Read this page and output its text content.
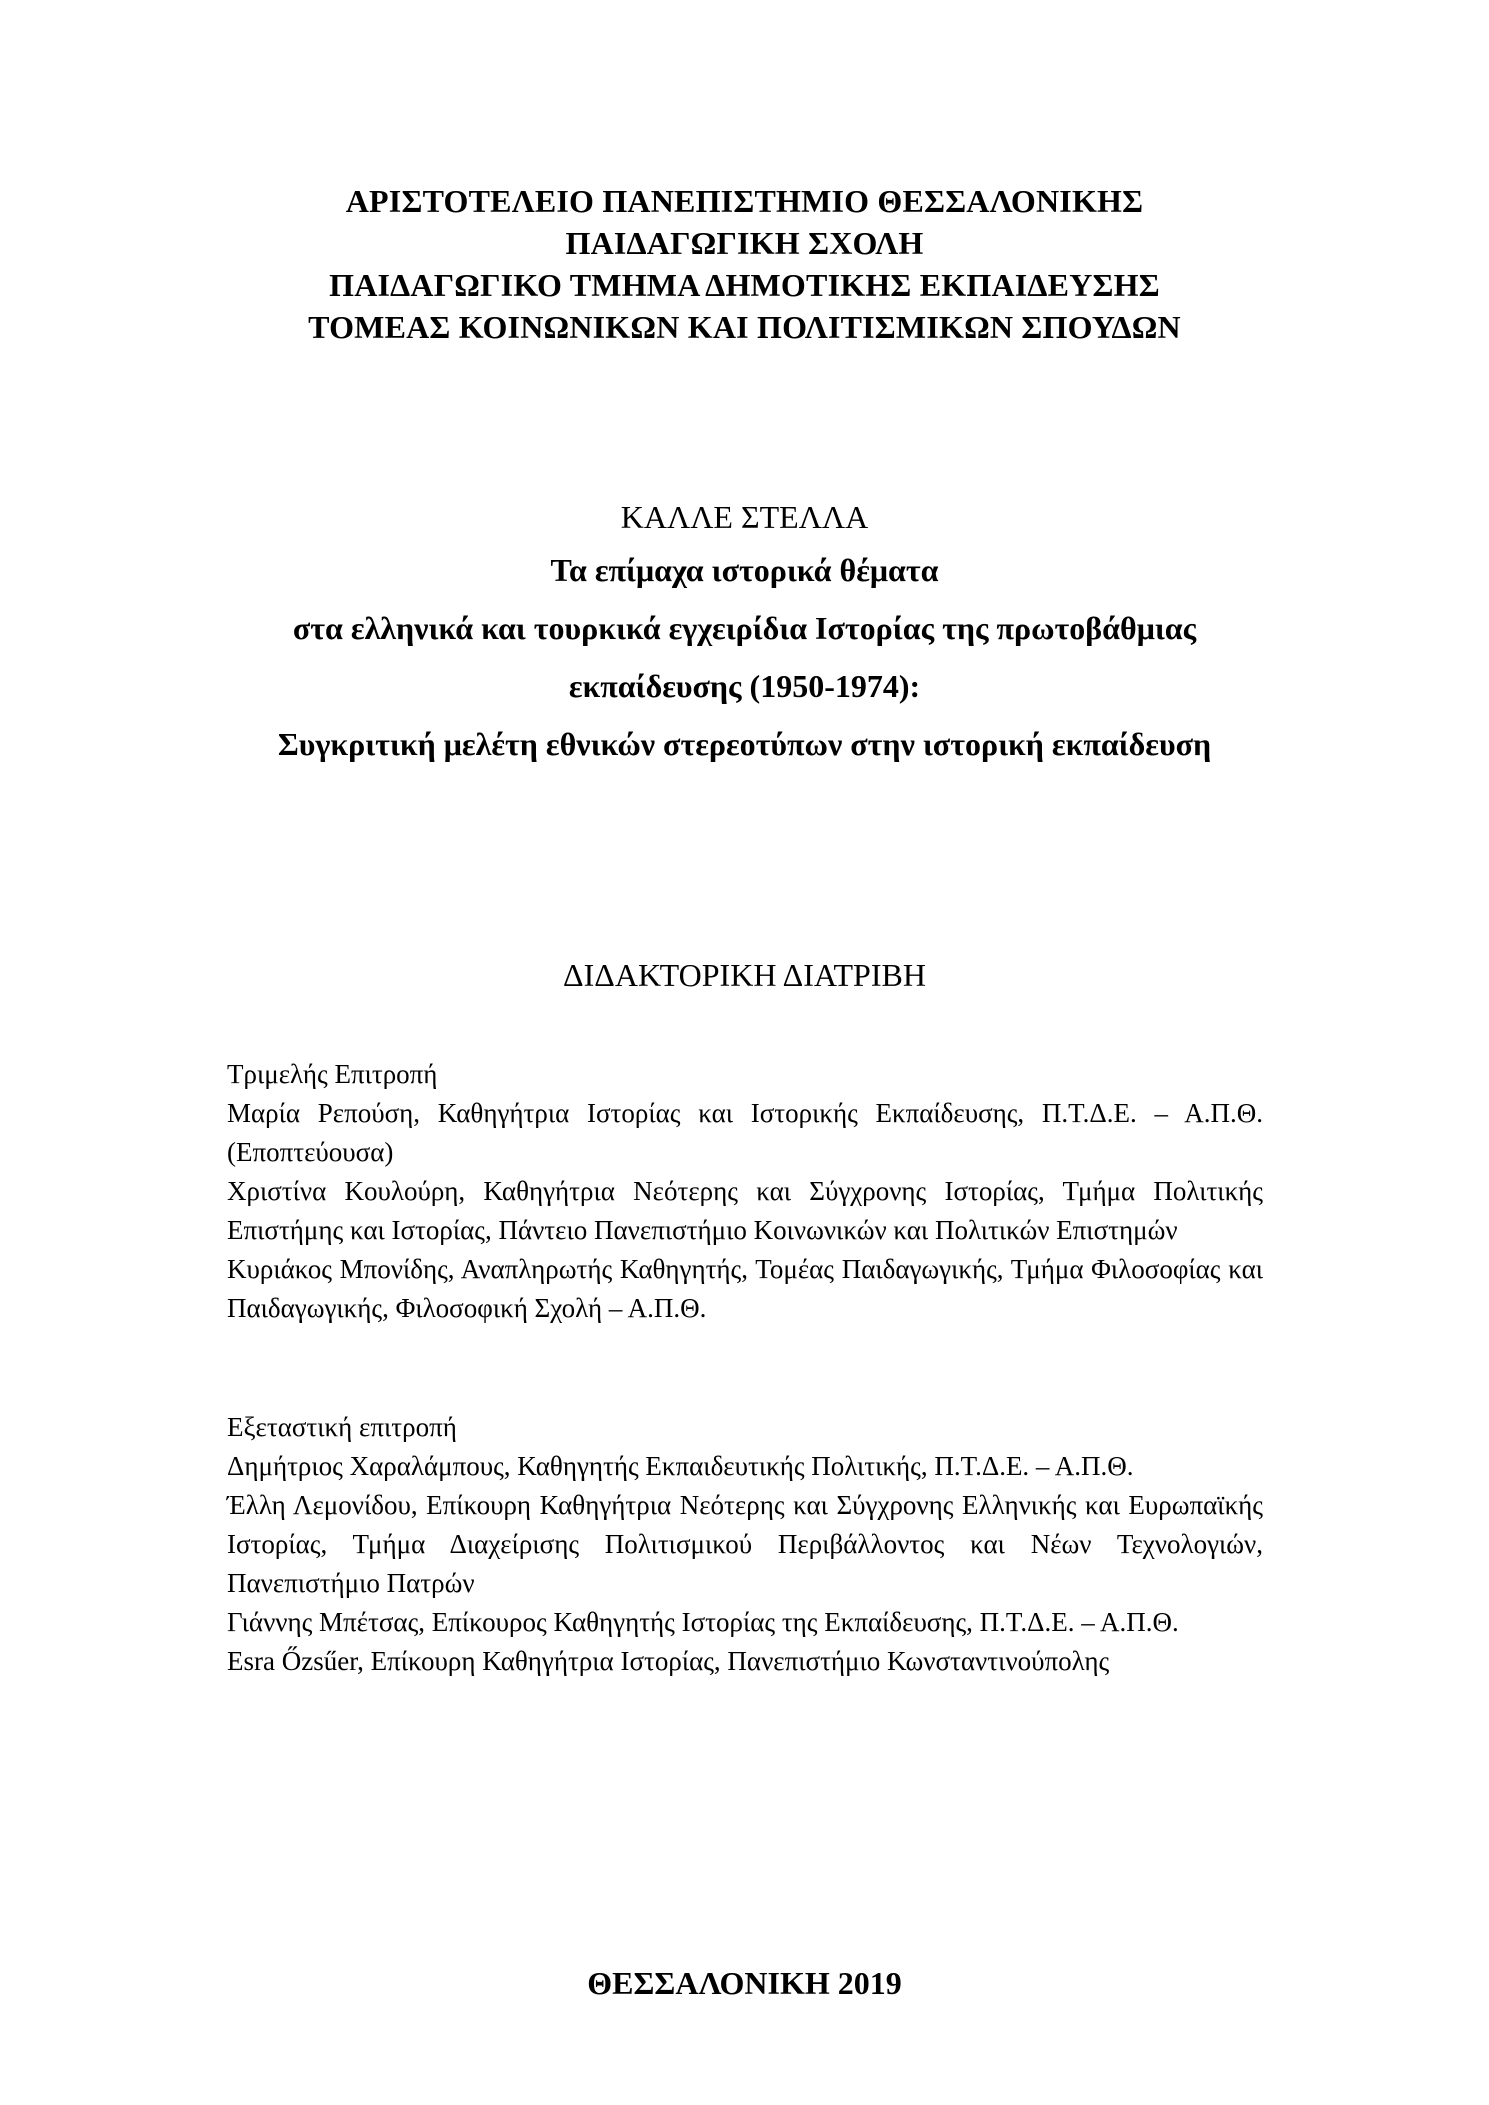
ΑΡΙΣΤΟΤΕΛΕΙΟ ΠΑΝΕΠΙΣΤΗΜΙΟ ΘΕΣΣΑΛΟΝΙΚΗΣ
ΠΑΙΔΑΓΩΓΙΚΗ ΣΧΟΛΗ
ΠΑΙΔΑΓΩΓΙΚΟ ΤΜΗΜΑ ΔΗΜΟΤΙΚΗΣ ΕΚΠΑΙΔΕΥΣΗΣ
ΤΟΜΕΑΣ ΚΟΙΝΩΝΙΚΩΝ ΚΑΙ ΠΟΛΙΤΙΣΜΙΚΩΝ ΣΠΟΥΔΩΝ
ΚΑΛΛΕ ΣΤΕΛΛΑ
Τα επίμαχα ιστορικά θέματα
στα ελληνικά και τουρκικά εγχειρίδια Ιστορίας της πρωτοβάθμιας
εκπαίδευσης (1950-1974):
Συγκριτική μελέτη εθνικών στερεοτύπων στην ιστορική εκπαίδευση
ΔΙΔΑΚΤΟΡΙΚΗ ΔΙΑΤΡΙΒΗ

Τριμελής Επιτροπή

Μαρία Ρεπούση, Καθηγήτρια Ιστορίας και Ιστορικής Εκπαίδευσης, Π.Τ.Δ.Ε. – Α.Π.Θ. (Εποπτεύουσα)

Χριστίνα Κουλούρη, Καθηγήτρια Νεότερης και Σύγχρονης Ιστορίας, Τμήμα Πολιτικής Επιστήμης και Ιστορίας, Πάντειο Πανεπιστήμιο Κοινωνικών και Πολιτικών Επιστημών

Κυριάκος Μπονίδης, Αναπληρωτής Καθηγητής, Τομέας Παιδαγωγικής, Τμήμα Φιλοσοφίας και Παιδαγωγικής, Φιλοσοφική Σχολή – Α.Π.Θ.

Εξεταστική επιτροπή

Δημήτριος Χαραλάμπους, Καθηγητής Εκπαιδευτικής Πολιτικής, Π.Τ.Δ.Ε. – Α.Π.Θ.

Έλλη Λεμονίδου, Επίκουρη Καθηγήτρια Νεότερης και Σύγχρονης Ελληνικής και Ευρωπαϊκής Ιστορίας, Τμήμα Διαχείρισης Πολιτισμικού Περιβάλλοντος και Νέων Τεχνολογιών, Πανεπιστήμιο Πατρών

Γιάννης Μπέτσας, Επίκουρος Καθηγητής Ιστορίας της Εκπαίδευσης, Π.Τ.Δ.Ε. – Α.Π.Θ.

Esra Őzsűer, Επίκουρη Καθηγήτρια Ιστορίας, Πανεπιστήμιο Κωνσταντινούπολης

ΘΕΣΣΑΛΟΝΙΚΗ 2019
